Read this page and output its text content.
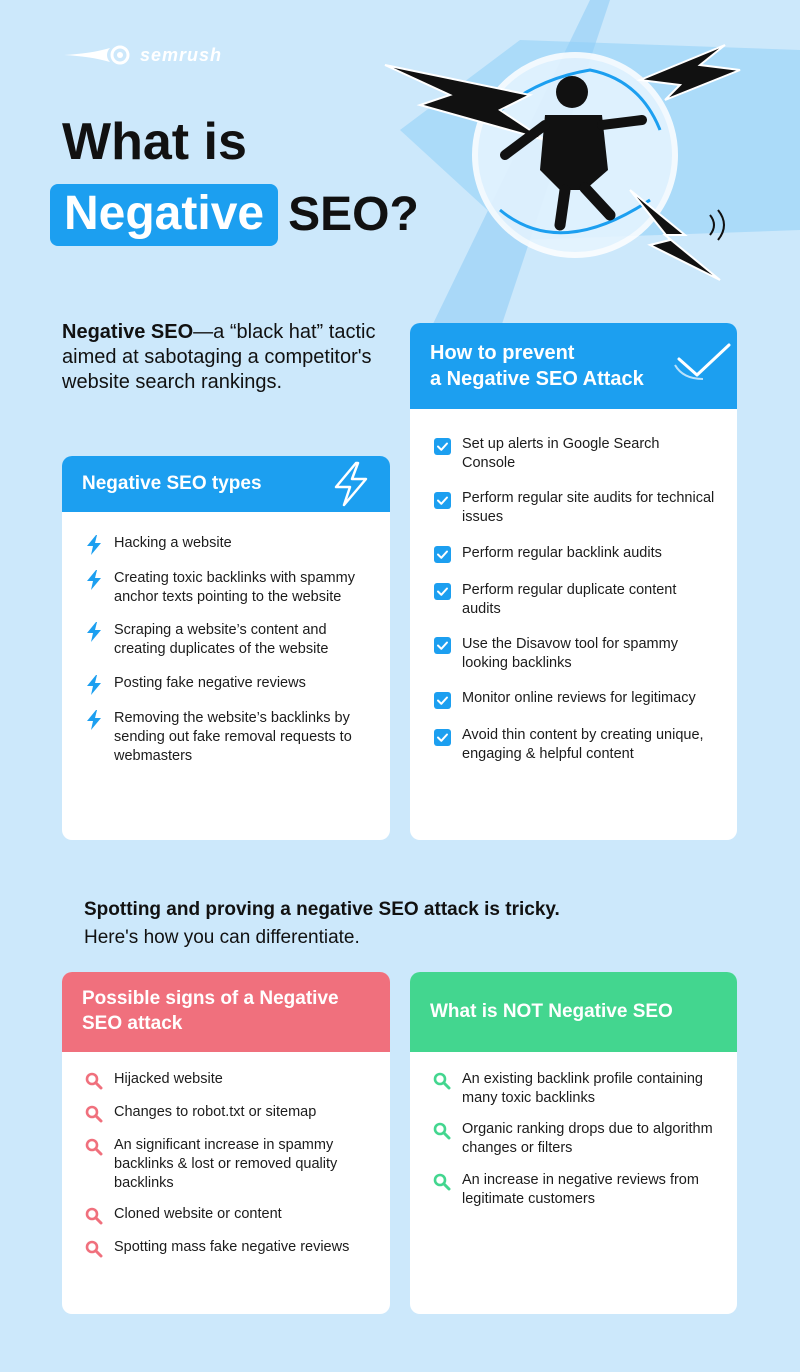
semrush
What is
Negative SEO?

Negative SEO—a “black hat” tactic aimed at sabotaging a competitor's website search rankings.

Negative SEO types
Hacking a website
Creating toxic backlinks with spammy anchor texts pointing to the website
Scraping a website’s content and creating duplicates of the website
Posting fake negative reviews
Removing the website’s backlinks by sending out fake removal requests to webmasters
How to prevent
a Negative SEO Attack
Set up alerts in Google Search Console
Perform regular site audits for technical issues
Perform regular backlink audits
Perform regular duplicate content audits
Use the Disavow tool for spammy looking backlinks
Monitor online reviews for legitimacy
Avoid thin content by creating unique, engaging & helpful content
Spotting and proving a negative SEO attack is tricky.
Here's how you can differentiate.
Possible signs of a Negative SEO attack
Hijacked website
Changes to robot.txt or sitemap
An significant increase in spammy backlinks & lost or removed quality backlinks
Cloned website or content
Spotting mass fake negative reviews
What is NOT Negative SEO
An existing backlink profile containing many toxic backlinks
Organic ranking drops due to algorithm changes or filters
An increase in negative reviews from legitimate customers
